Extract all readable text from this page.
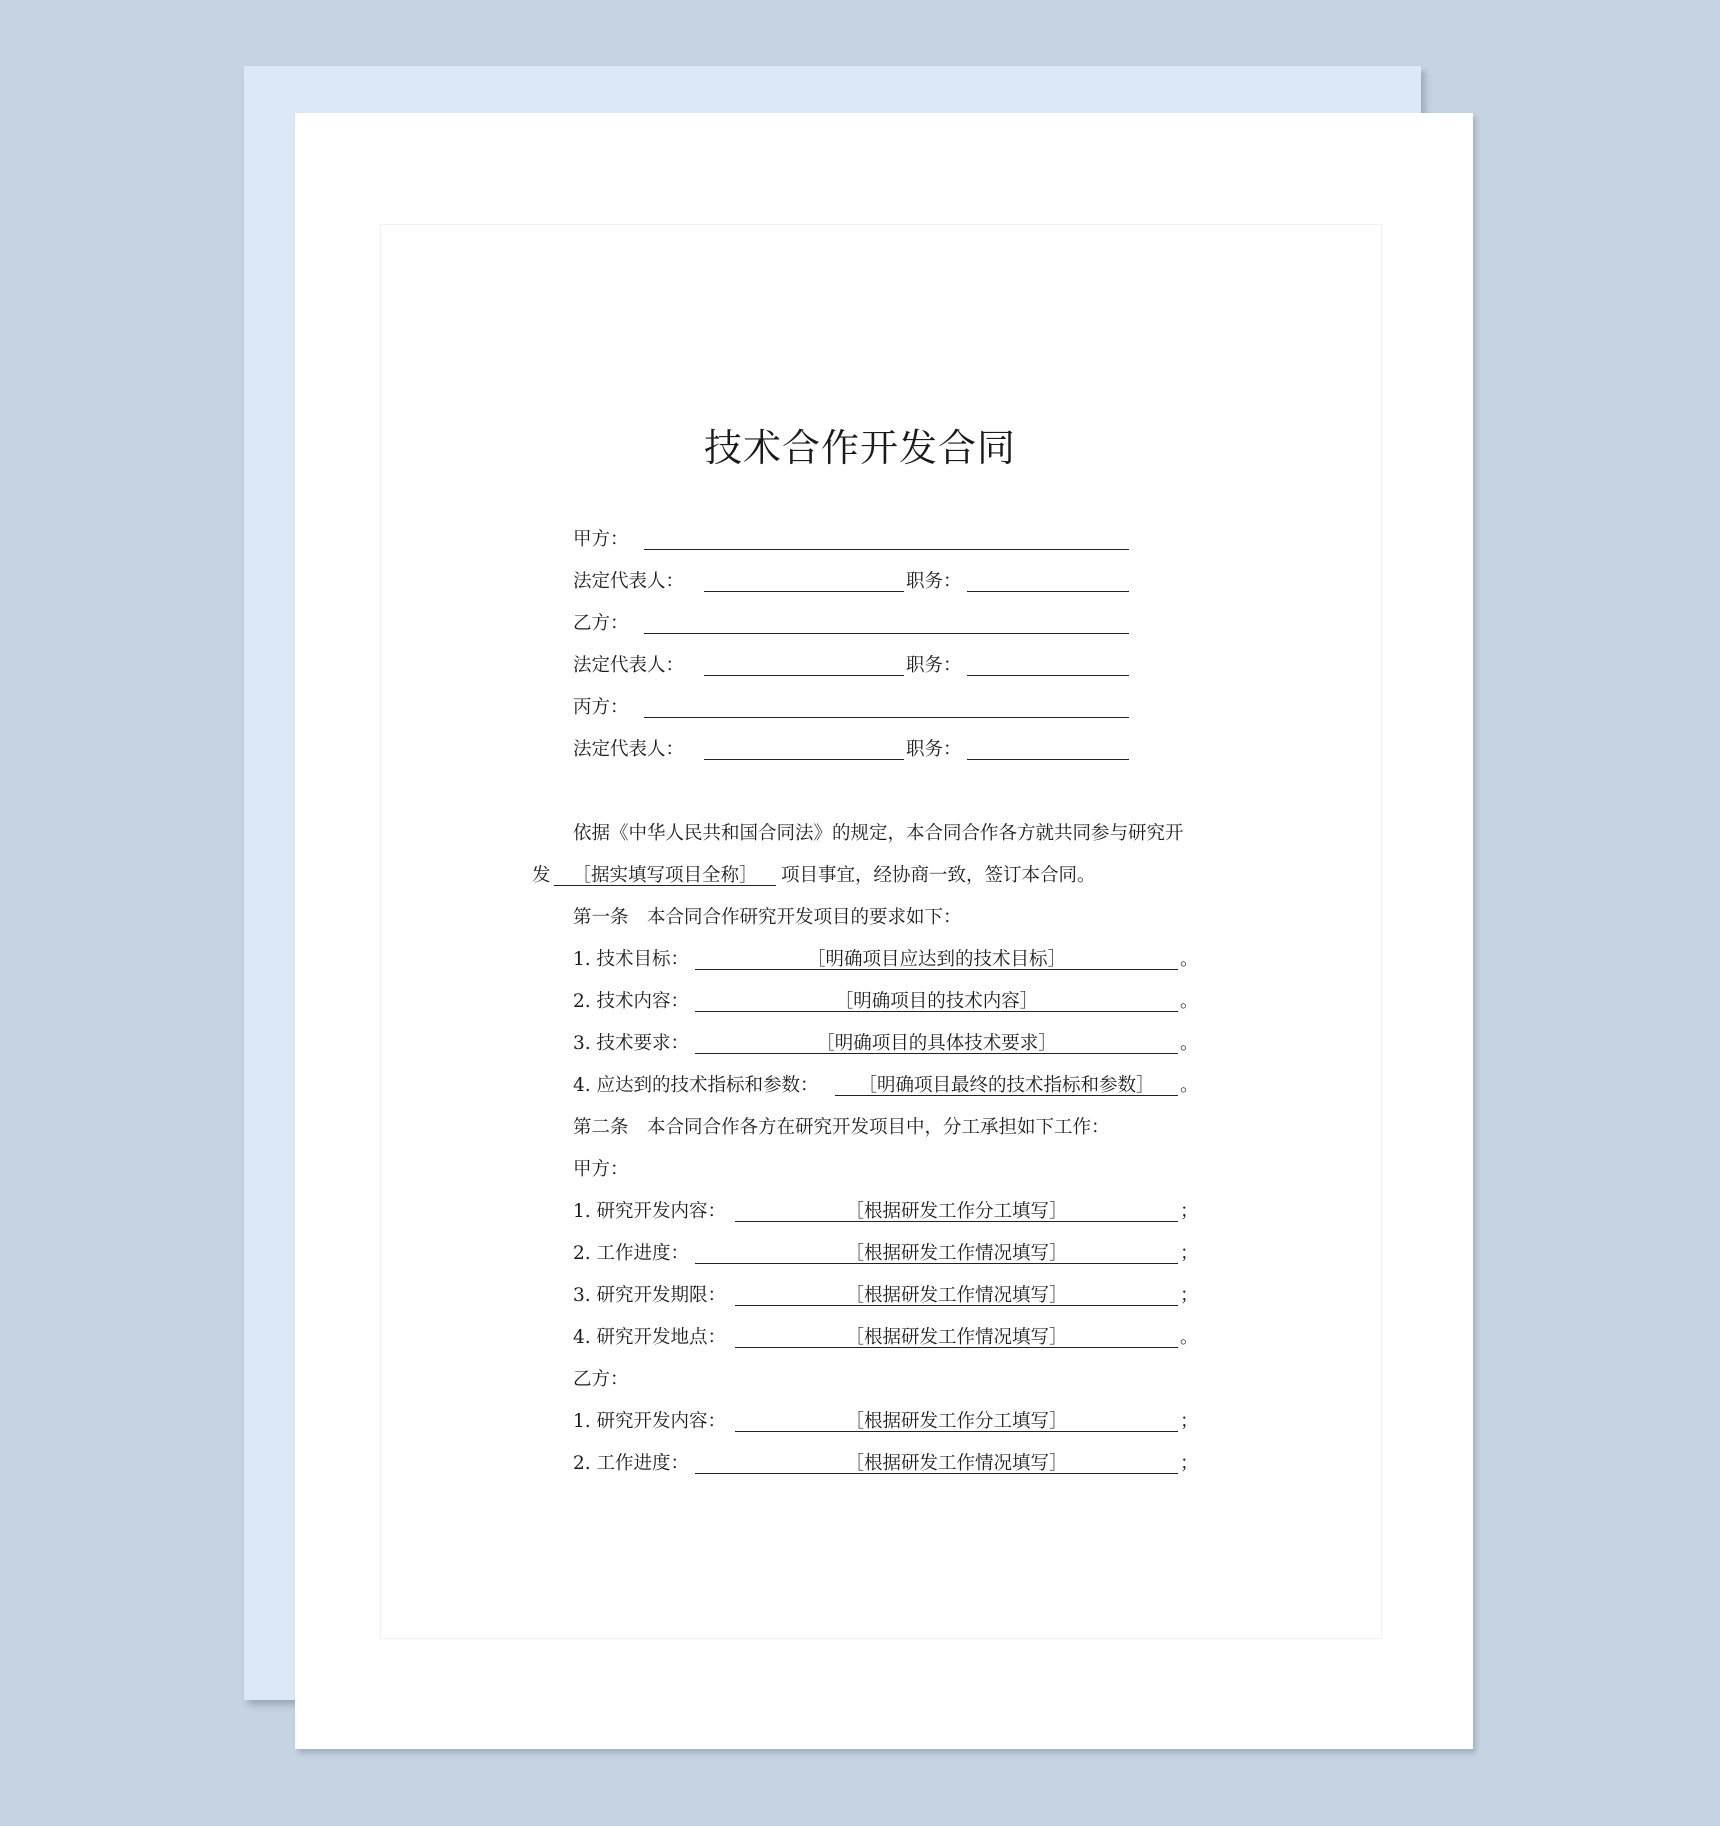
技术合作开发合同
甲方：
法定代表人：	职务：
乙方：
法定代表人：	职务：
丙方：
法定代表人：	职务：
依据《中华人民共和国合同法》的规定，本合同合作各方就共同参与研究开
发	［据实填写项目全称］	项目事宜，经协商一致，签订本合同。
第一条　本合同合作研究开发项目的要求如下：
1. 技术目标：	［明确项目应达到的技术目标］	。
2. 技术内容：	［明确项目的技术内容］	。
3. 技术要求：	［明确项目的具体技术要求］	。
4. 应达到的技术指标和参数：	［明确项目最终的技术指标和参数］	。
第二条　本合同合作各方在研究开发项目中，分工承担如下工作：
甲方：
1. 研究开发内容：	［根据研发工作分工填写］	；
2. 工作进度：	［根据研发工作情况填写］	；
3. 研究开发期限：	［根据研发工作情况填写］	；
4. 研究开发地点：	［根据研发工作情况填写］	。
乙方：
1. 研究开发内容：	［根据研发工作分工填写］	；
2. 工作进度：	［根据研发工作情况填写］	；
